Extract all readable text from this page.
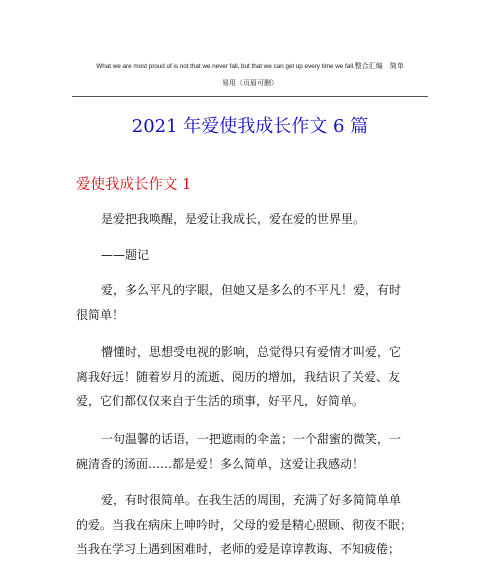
What we are most proud of is not that we never fall, but that we can get up every time we fall.整合汇编　简单
易用（页眉可删）
2021 年爱使我成长作文 6 篇
爱使我成长作文 1
是爱把我唤醒，是爱让我成长，爱在爱的世界里。
——题记
爱，多么平凡的字眼，但她又是多么的不平凡！爱，有时
很简单！
懵懂时，思想受电视的影响，总觉得只有爱情才叫爱，它
离我好远！随着岁月的流逝、阅历的增加，我结识了关爱、友
爱，它们都仅仅来自于生活的琐事，好平凡，好简单。
一句温馨的话语，一把遮雨的伞盖；一个甜蜜的微笑，一
碗清香的汤面……都是爱！多么简单，这爱让我感动！
爱，有时很简单。在我生活的周围，充满了好多简简单单
的爱。当我在病床上呻吟时，父母的爱是精心照顾、彻夜不眠；
当我在学习上遇到困难时，老师的爱是谆谆教诲、不知疲倦；
